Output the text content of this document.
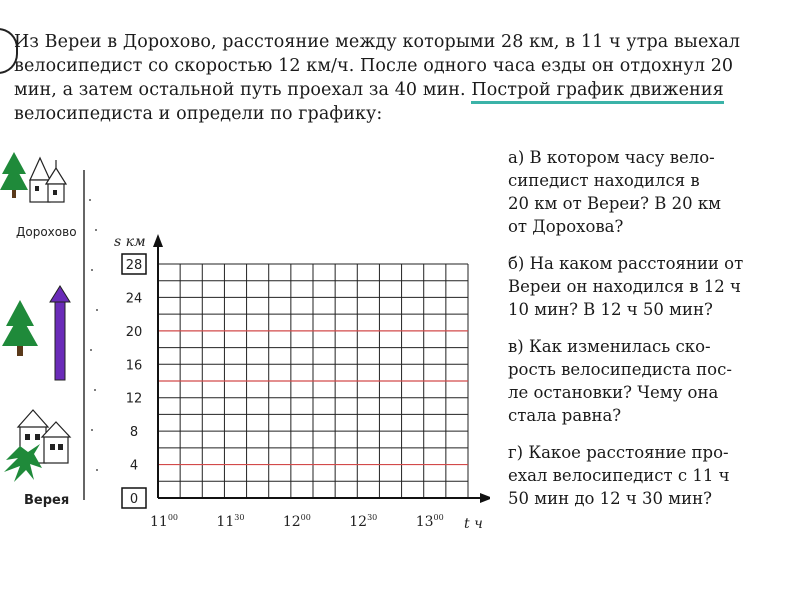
Из Вереи в Дорохово, расстояние между которыми 28 км, в 11 ч утра выехал
велосипедист со скоростью 12 км/ч. После одного часа езды он отдохнул 20
мин, а затем остальной путь проехал за 40 мин. Построй график движения
велосипедиста и определи по графику:
Дорохово
Верея	0
4
8
12
16
20
24
28
$11^{00}$	$11^{30}$	$12^{00}$	$12^{30}$	$13^{00}$
s км
t ч
а) В котором часу вело-
сипедист находился в
20 км от Вереи? В 20 км
от Дорохова?
б) На каком расстоянии от
Вереи он находился в 12 ч
10 мин? В 12 ч 50 мин?
в) Как изменилась ско-
рость велосипедиста пос-
ле остановки? Чему она
стала равна?
г) Какое расстояние про-
ехал велосипедист с 11 ч
50 мин до 12 ч 30 мин?
